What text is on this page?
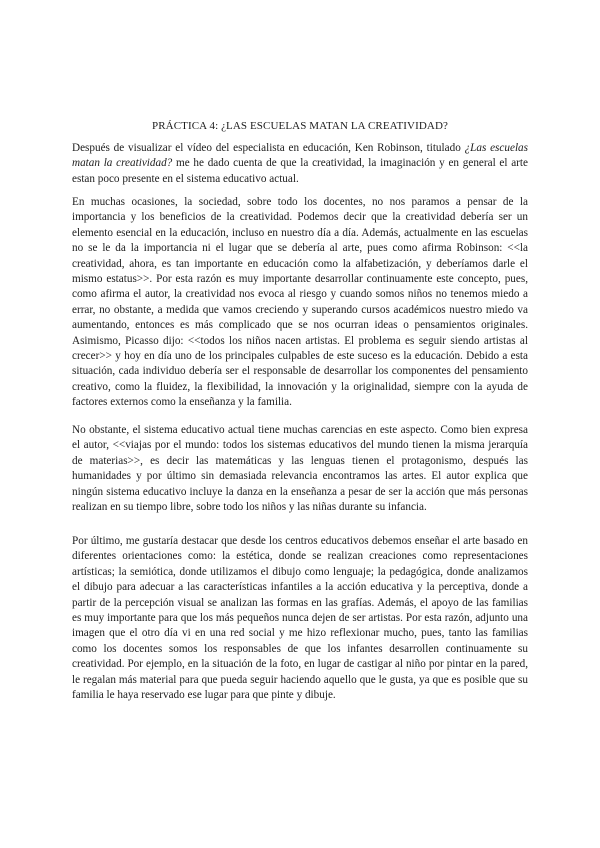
PRÁCTICA 4: ¿LAS ESCUELAS MATAN LA CREATIVIDAD?

Después de visualizar el vídeo del especialista en educación, Ken Robinson, titulado ¿Las escuelas matan la creatividad? me he dado cuenta de que la creatividad, la imaginación y en general el arte estan poco presente en el sistema educativo actual.

En muchas ocasiones, la sociedad, sobre todo los docentes, no nos paramos a pensar de la importancia y los beneficios de la creatividad. Podemos decir que la creatividad debería ser un elemento esencial en la educación, incluso en nuestro día a día. Además, actualmente en las escuelas no se le da la importancia ni el lugar que se debería al arte, pues como afirma Robinson: <<la creatividad, ahora, es tan importante en educación como la alfabetización, y deberíamos darle el mismo estatus>>. Por esta razón es muy importante desarrollar continuamente este concepto, pues, como afirma el autor, la creatividad nos evoca al riesgo y cuando somos niños no tenemos miedo a errar, no obstante, a medida que vamos creciendo y superando cursos académicos nuestro miedo va aumentando, entonces es más complicado que se nos ocurran ideas o pensamientos originales. Asimismo, Picasso dijo: <<todos los niños nacen artistas. El problema es seguir siendo artistas al crecer>> y hoy en día uno de los principales culpables de este suceso es la educación. Debido a esta situación, cada individuo debería ser el responsable de desarrollar los componentes del pensamiento creativo, como la fluidez, la flexibilidad, la innovación y la originalidad, siempre con la ayuda de factores externos como la enseñanza y la familia.

No obstante, el sistema educativo actual tiene muchas carencias en este aspecto. Como bien expresa el autor, <<viajas por el mundo: todos los sistemas educativos del mundo tienen la misma jerarquía de materias>>, es decir las matemáticas y las lenguas tienen el protagonismo, después las humanidades y por último sin demasiada relevancia encontramos las artes. El autor explica que ningún sistema educativo incluye la danza en la enseñanza a pesar de ser la acción que más personas realizan en su tiempo libre, sobre todo los niños y las niñas durante su infancia.

Por último, me gustaría destacar que desde los centros educativos debemos enseñar el arte basado en diferentes orientaciones como: la estética, donde se realizan creaciones como representaciones artísticas; la semiótica, donde utilizamos el dibujo como lenguaje; la pedagógica, donde analizamos el dibujo para adecuar a las características infantiles a la acción educativa y la perceptiva, donde a partir de la percepción visual se analizan las formas en las grafías. Además, el apoyo de las familias es muy importante para que los más pequeños nunca dejen de ser artistas. Por esta razón, adjunto una imagen que el otro día vi en una red social y me hizo reflexionar mucho, pues, tanto las familias como los docentes somos los responsables de que los infantes desarrollen continuamente su creatividad. Por ejemplo, en la situación de la foto, en lugar de castigar al niño por pintar en la pared, le regalan más material para que pueda seguir haciendo aquello que le gusta, ya que es posible que su familia le haya reservado ese lugar para que pinte y dibuje.
